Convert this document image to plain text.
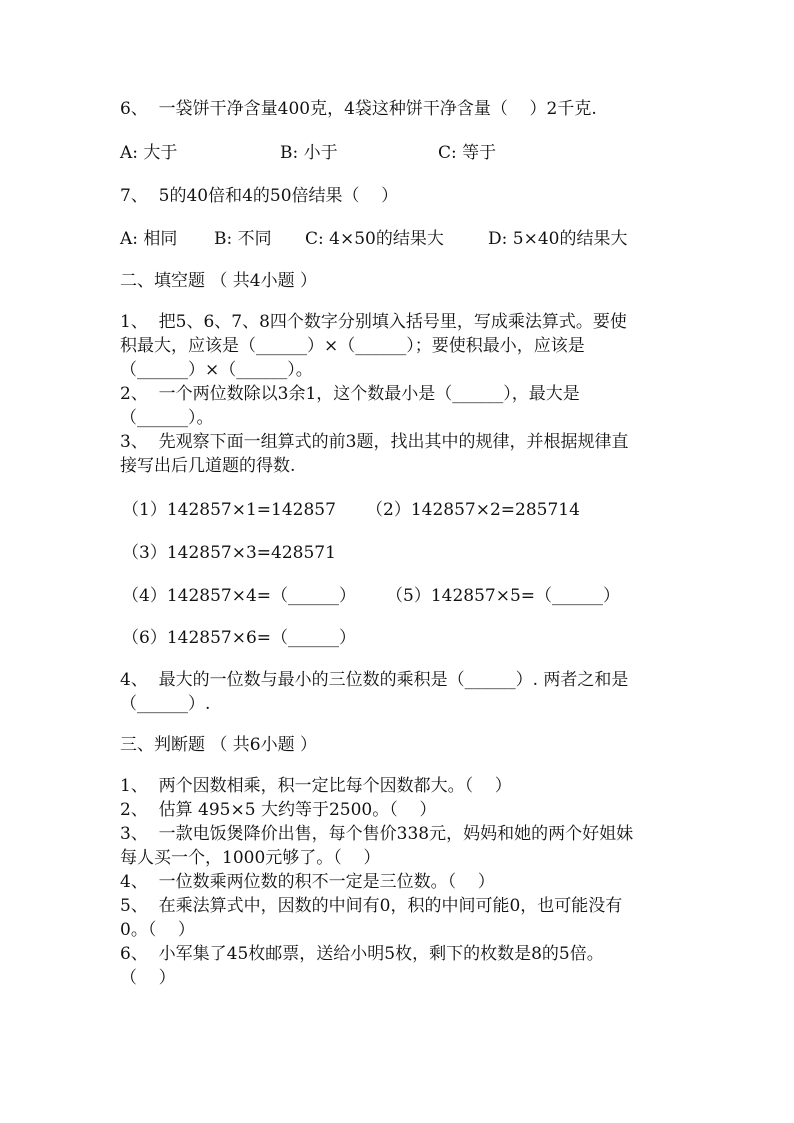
6、  一袋饼干净含量400克，4袋这种饼干净含量（    ）2千克.
A: 大于	B: 小于	C: 等于
7、  5的40倍和4的50倍结果（    ）
A: 相同 B: 不同 C: 4×50的结果大	D: 5×40的结果大
二、填空题 （ 共4小题 ）
1、  把5、6、7、8四个数字分别填入括号里，写成乘法算式。要使
积最大，应该是（______）×（______）；要使积最小，应该是
（______）×（______）。
2、  一个两位数除以3余1，这个数最小是（______），最大是
（______）。
3、  先观察下面一组算式的前3题，找出其中的规律，并根据规律直
接写出后几道题的得数.
（1）142857×1=142857 （2）142857×2=285714
（3）142857×3=428571
（4）142857×4=（______） （5）142857×5=（______）
（6）142857×6=（______）
4、  最大的一位数与最小的三位数的乘积是（______）. 两者之和是
（______）.
三、判断题 （ 共6小题 ）
1、  两个因数相乘，积一定比每个因数都大。（    ）
2、  估算 495×5 大约等于2500。（    ）
3、  一款电饭煲降价出售，每个售价338元，妈妈和她的两个好姐妹
每人买一个，1000元够了。（    ）
4、  一位数乘两位数的积不一定是三位数。（    ）
5、  在乘法算式中，因数的中间有0，积的中间可能0，也可能没有
0。（    ）
6、  小军集了45枚邮票，送给小明5枚，剩下的枚数是8的5倍。
（    ）
